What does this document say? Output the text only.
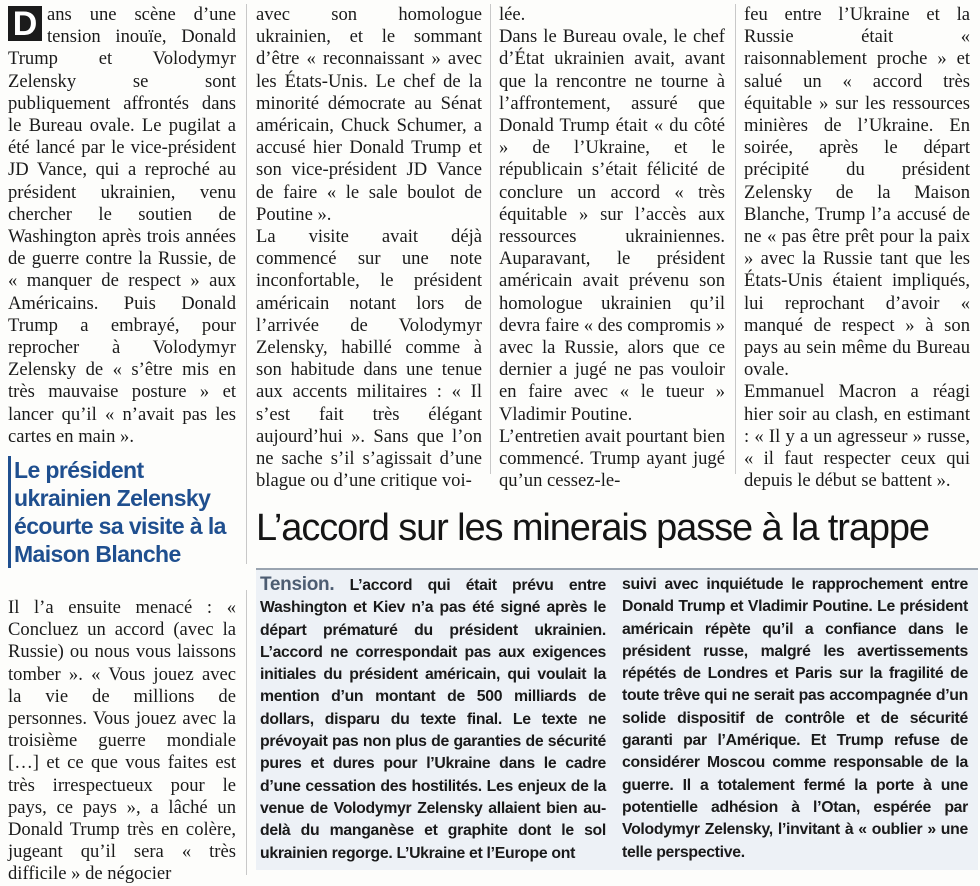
D ans une scène d’une tension inouïe, Donald Trump et Volodymyr Zelensky se sont publiquement affrontés dans le Bureau ovale. Le pugilat a été lancé par le vice-président JD Vance, qui a reproché au président ukrainien, venu chercher le soutien de Washington après trois années de guerre contre la Russie, de « manquer de respect » aux Américains. Puis Donald Trump a embrayé, pour reprocher à Volodymyr Zelensky de « s’être mis en très mauvaise posture » et lancer qu’il « n’avait pas les cartes en main ».

Le président ukrainien Zelensky écourte sa visite à la Maison Blanche

Il l’a ensuite menacé : « Concluez un accord (avec la Russie) ou nous vous laissons tomber ». « Vous jouez avec la vie de millions de personnes. Vous jouez avec la troisième guerre mondiale […] et ce que vous faites est très irrespectueux pour le pays, ce pays », a lâché un Donald Trump très en colère, jugeant qu’il sera « très difficile » de négocier

avec son homologue ukrainien, et le sommant d’être « reconnaissant » avec les États-Unis. Le chef de la minorité démocrate au Sénat américain, Chuck Schumer, a accusé hier Donald Trump et son vice-président JD Vance de faire « le sale boulot de Poutine ».

La visite avait déjà commencé sur une note inconfortable, le président américain notant lors de l’arrivée de Volodymyr Zelensky, habillé comme à son habitude dans une tenue aux accents militaires : « Il s’est fait très élégant aujourd’hui ». Sans que l’on ne sache s’il s’agissait d’une blague ou d’une critique voi-

lée.

Dans le Bureau ovale, le chef d’État ukrainien avait, avant que la rencontre ne tourne à l’affrontement, assuré que Donald Trump était « du côté » de l’Ukraine, et le républicain s’était félicité de conclure un accord « très équitable » sur l’accès aux ressources ukrainiennes. Auparavant, le président américain avait prévenu son homologue ukrainien qu’il devra faire « des compromis » avec la Russie, alors que ce dernier a jugé ne pas vouloir en faire avec « le tueur » Vladimir Poutine.

L’entretien avait pourtant bien commencé. Trump ayant jugé qu’un cessez-le-

feu entre l’Ukraine et la Russie était « raisonnablement proche » et salué un « accord très équitable » sur les ressources minières de l’Ukraine. En soirée, après le départ précipité du président Zelensky de la Maison Blanche, Trump l’a accusé de ne « pas être prêt pour la paix » avec la Russie tant que les États-Unis étaient impliqués, lui reprochant d’avoir « manqué de respect » à son pays au sein même du Bureau ovale.

Emmanuel Macron a réagi hier soir au clash, en estimant : « Il y a un agresseur » russe, « il faut respecter ceux qui depuis le début se battent ».

L’accord sur les minerais passe à la trappe

Tension. L’accord qui était prévu entre Washington et Kiev n’a pas été signé après le départ prématuré du président ukrainien. L’accord ne correspondait pas aux exigences initiales du président américain, qui voulait la mention d’un montant de 500 milliards de dollars, disparu du texte final. Le texte ne prévoyait pas non plus de garanties de sécurité pures et dures pour l’Ukraine dans le cadre d’une cessation des hostilités. Les enjeux de la venue de Volodymyr Zelensky allaient bien au-delà du manganèse et graphite dont le sol ukrainien regorge. L’Ukraine et l’Europe ont

suivi avec inquiétude le rapprochement entre Donald Trump et Vladimir Poutine. Le président américain répète qu’il a confiance dans le président russe, malgré les avertissements répétés de Londres et Paris sur la fragilité de toute trêve qui ne serait pas accompagnée d’un solide dispositif de contrôle et de sécurité garanti par l’Amérique. Et Trump refuse de considérer Moscou comme responsable de la guerre. Il a totalement fermé la porte à une potentielle adhésion à l’Otan, espérée par Volodymyr Zelensky, l’invitant à « oublier » une telle perspective.
